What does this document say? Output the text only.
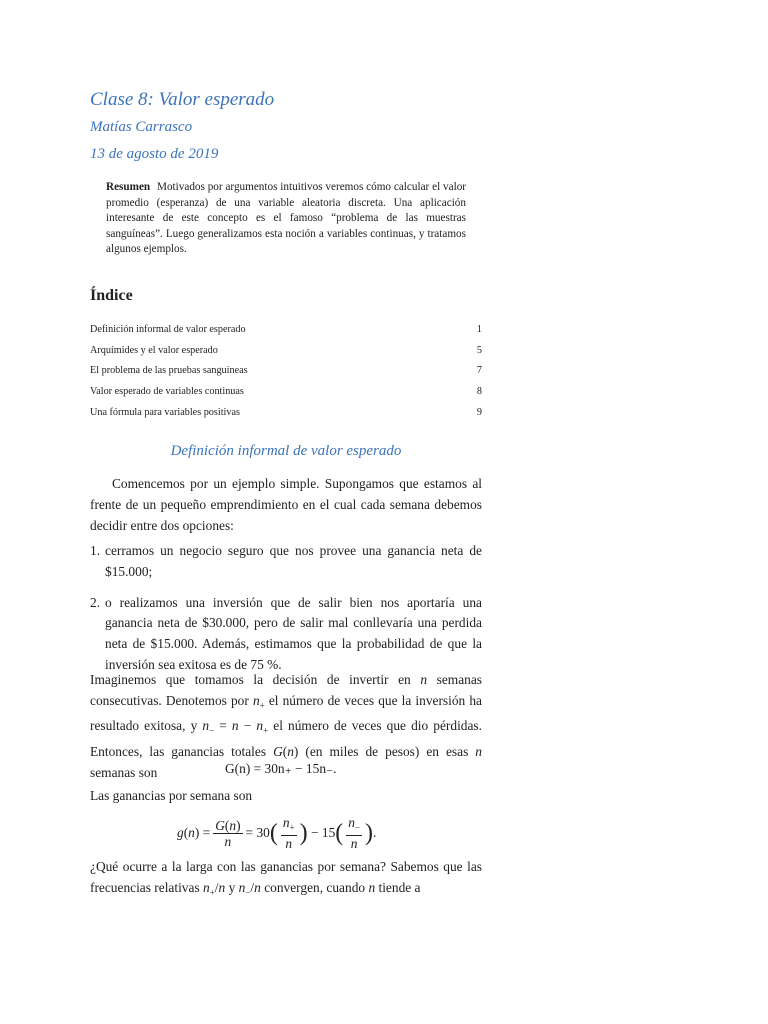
Clase 8: Valor esperado
Matías Carrasco
13 de agosto de 2019
Resumen Motivados por argumentos intuitivos veremos cómo calcular el valor promedio (esperanza) de una variable aleatoria discreta. Una aplicación interesante de este concepto es el famoso “problema de las muestras sanguíneas”. Luego generalizamos esta noción a variables continuas, y tratamos algunos ejemplos.
Índice
Definición informal de valor esperado	1
Arquímides y el valor esperado	5
El problema de las pruebas sanguíneas	7
Valor esperado de variables continuas	8
Una fórmula para variables positivas	9
Definición informal de valor esperado
Comencemos por un ejemplo simple. Supongamos que estamos al frente de un pequeño emprendimiento en el cual cada semana debemos decidir entre dos opciones:
1. cerramos un negocio seguro que nos provee una ganancia neta de $15.000;
2. o realizamos una inversión que de salir bien nos aportaría una ganancia neta de $30.000, pero de salir mal conllevaría una perdida neta de $15.000. Además, estimamos que la probabilidad de que la inversión sea exitosa es de 75 %.
Imaginemos que tomamos la decisión de invertir en n semanas consecutivas. Denotemos por $n_+$ el número de veces que la inversión ha resultado exitosa, y $n_- = n - n_+$ el número de veces que dio pérdidas. Entonces, las ganancias totales G(n) (en miles de pesos) en esas n semanas son	G(n) = 30n₊ − 15n₋.
Las ganancias por semana son
g ( n ) = $\frac{G(n)}{n} = 30$ ( $\frac{n_+}{n}$ ) − 15 ( $\frac{n_-}{n}$ ) .
¿Qué ocurre a la larga con las ganancias por semana? Sabemos que las frecuencias relativas $n_+/n$ y $n_-/n$ convergen, cuando n tiende a
